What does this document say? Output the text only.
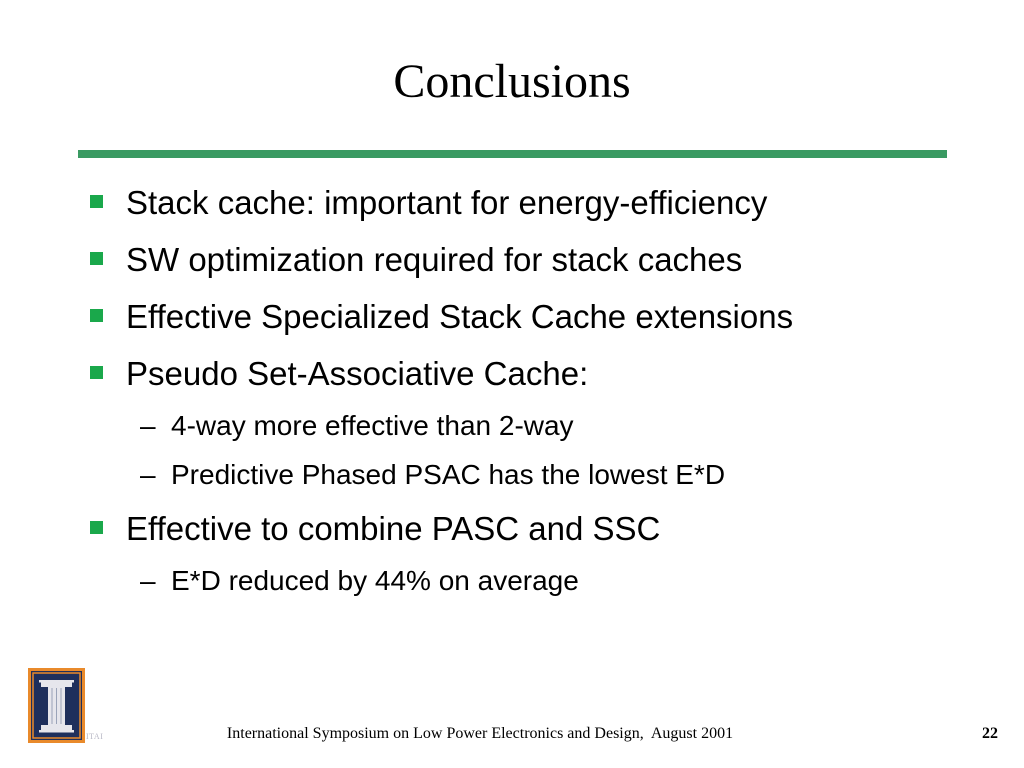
Conclusions
Stack cache: important for energy-efficiency
SW optimization required for stack caches
Effective Specialized Stack Cache extensions
Pseudo Set-Associative Cache:
– 4-way more effective than 2-way
– Predictive Phased PSAC has the lowest E*D
Effective to combine PASC and SSC
– E*D reduced by 44% on average
ITAI	International Symposium on Low Power Electronics and Design,  August 2001	22
